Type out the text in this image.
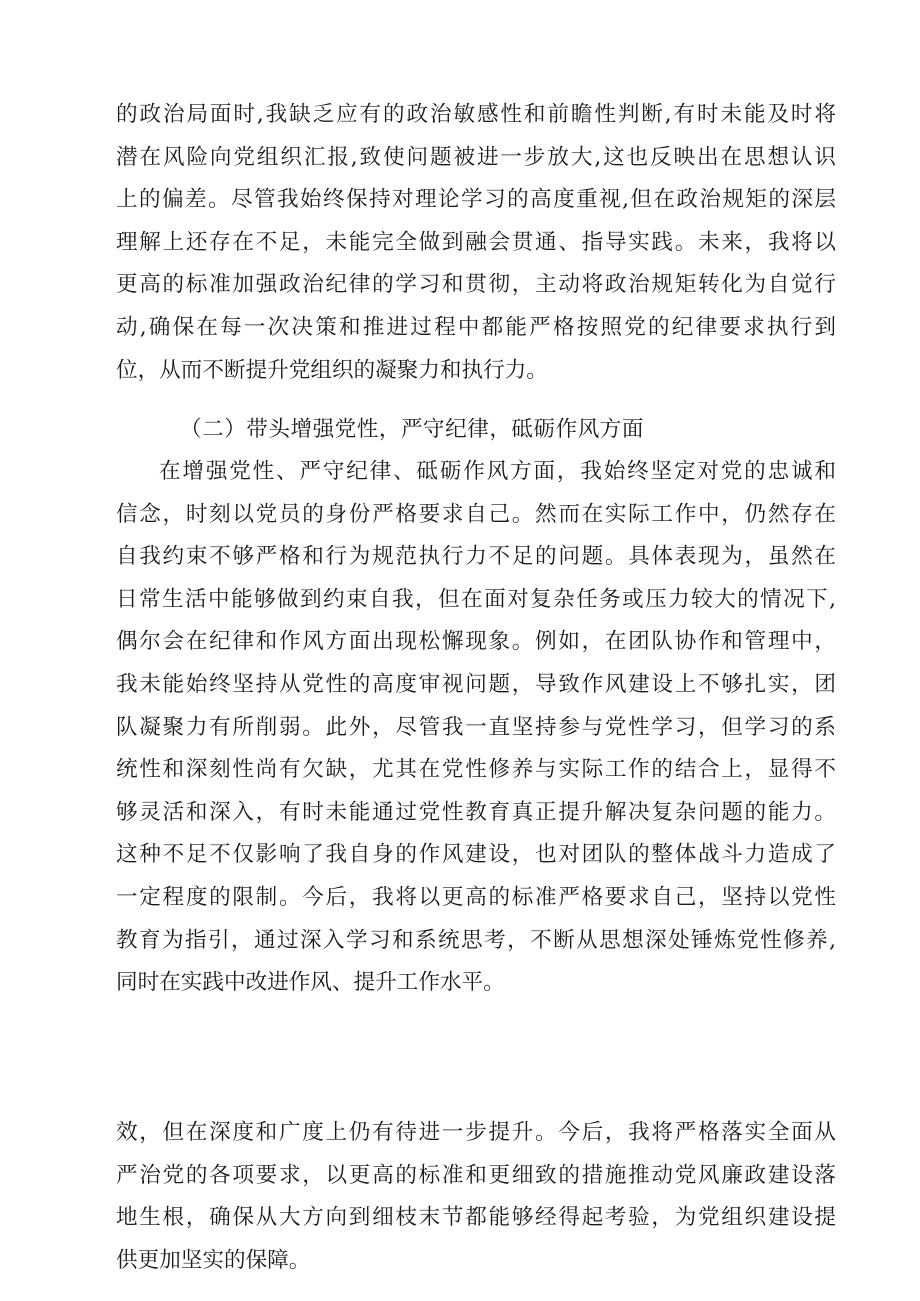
的政治局面时,我缺乏应有的政治敏感性和前瞻性判断,有时未能及时将
潜在风险向党组织汇报,致使问题被进一步放大,这也反映出在思想认识
上的偏差。尽管我始终保持对理论学习的高度重视,但在政治规矩的深层
理解上还存在不足，未能完全做到融会贯通、指导实践。未来，我将以
更高的标准加强政治纪律的学习和贯彻，主动将政治规矩转化为自觉行
动,确保在每一次决策和推进过程中都能严格按照党的纪律要求执行到
位，从而不断提升党组织的凝聚力和执行力。
（二）带头增强党性，严守纪律，砥砺作风方面
在增强党性、严守纪律、砥砺作风方面，我始终坚定对党的忠诚和
信念，时刻以党员的身份严格要求自己。然而在实际工作中，仍然存在
自我约束不够严格和行为规范执行力不足的问题。具体表现为，虽然在
日常生活中能够做到约束自我，但在面对复杂任务或压力较大的情况下,
偶尔会在纪律和作风方面出现松懈现象。例如，在团队协作和管理中，
我未能始终坚持从党性的高度审视问题，导致作风建设上不够扎实，团
队凝聚力有所削弱。此外，尽管我一直坚持参与党性学习，但学习的系
统性和深刻性尚有欠缺，尤其在党性修养与实际工作的结合上，显得不
够灵活和深入，有时未能通过党性教育真正提升解决复杂问题的能力。
这种不足不仅影响了我自身的作风建设，也对团队的整体战斗力造成了
一定程度的限制。今后，我将以更高的标准严格要求自己，坚持以党性
教育为指引，通过深入学习和系统思考，不断从思想深处锤炼党性修养,
同时在实践中改进作风、提升工作水平。
效，但在深度和广度上仍有待进一步提升。今后，我将严格落实全面从
严治党的各项要求，以更高的标准和更细致的措施推动党风廉政建设落
地生根，确保从大方向到细枝末节都能够经得起考验，为党组织建设提
供更加坚实的保障。
